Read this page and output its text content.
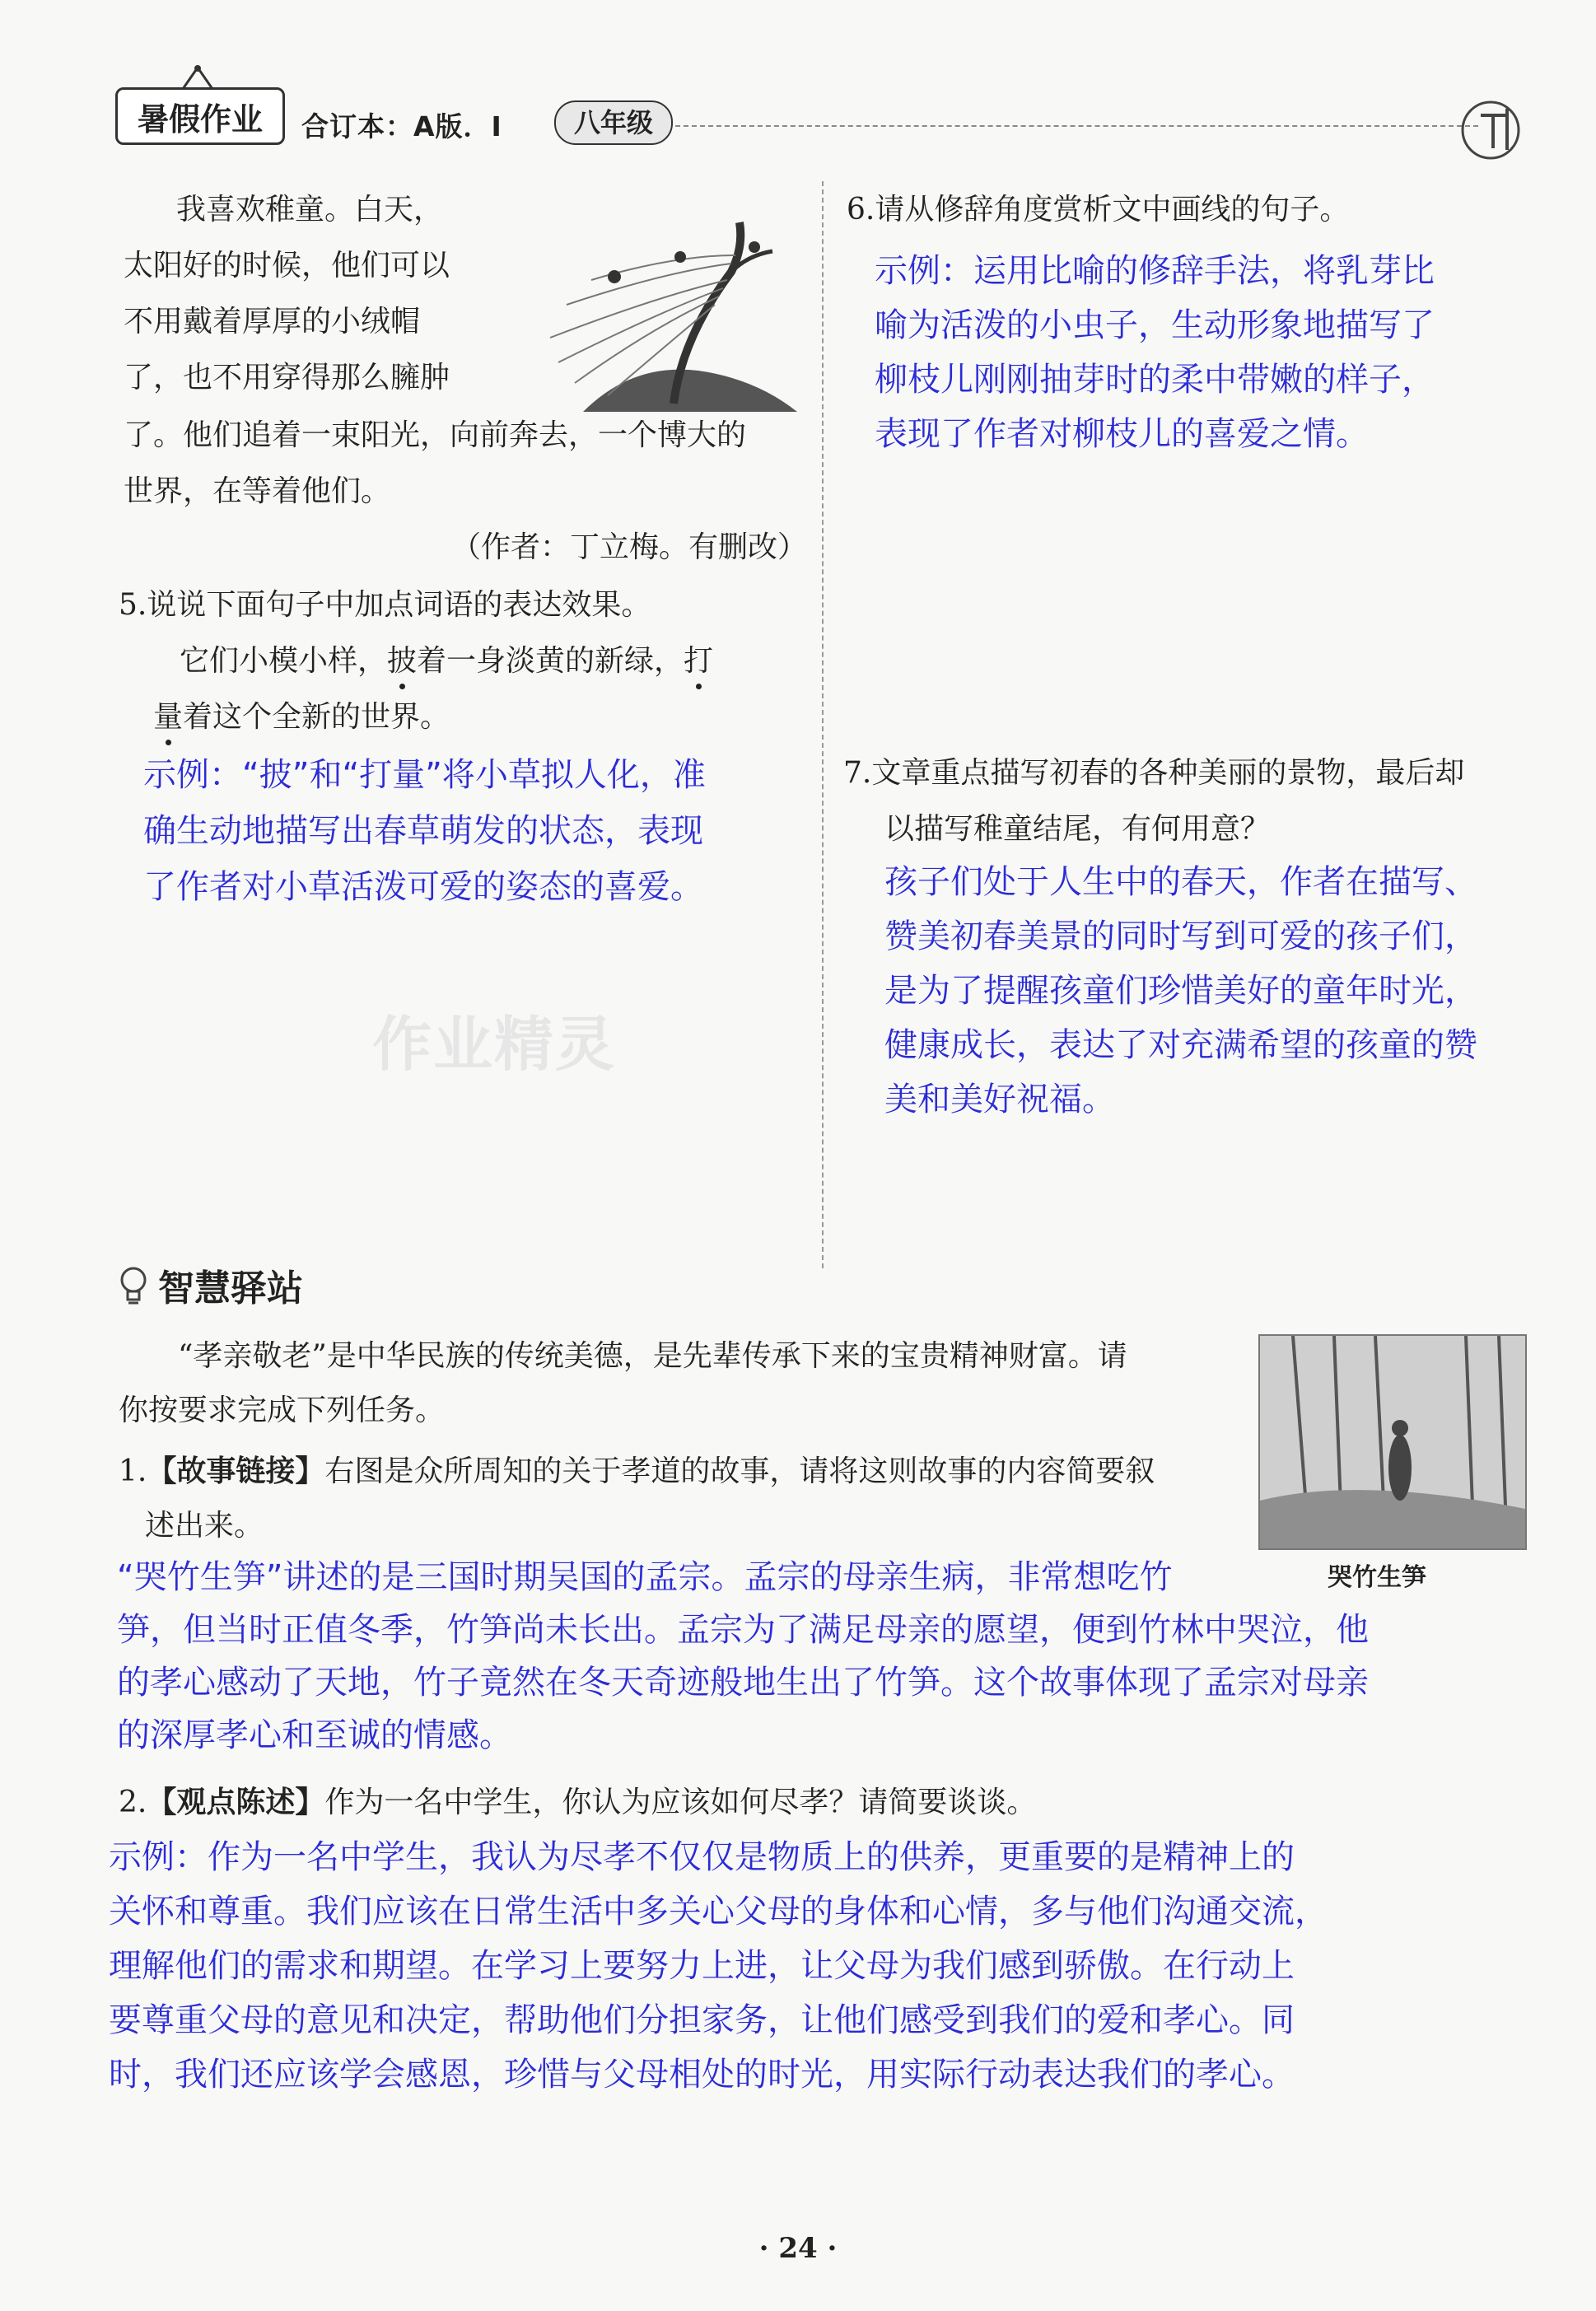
暑假作业	合订本：A版．I	八年级
我喜欢稚童。白天，
太阳好的时候，他们可以
不用戴着厚厚的小绒帽
了，也不用穿得那么臃肿
了。他们追着一束阳光，向前奔去，一个博大的
世界，在等着他们。
（作者：丁立梅。有删改）
5.说说下面句子中加点词语的表达效果。
它们小模小样，披着一身淡黄的新绿，打
量着这个全新的世界。
示例：“披”和“打量”将小草拟人化，准
确生动地描写出春草萌发的状态，表现
了作者对小草活泼可爱的姿态的喜爱。
作业精灵
6.请从修辞角度赏析文中画线的句子。
示例：运用比喻的修辞手法，将乳芽比
喻为活泼的小虫子，生动形象地描写了
柳枝儿刚刚抽芽时的柔中带嫩的样子，
表现了作者对柳枝儿的喜爱之情。
7.文章重点描写初春的各种美丽的景物，最后却
以描写稚童结尾，有何用意？
孩子们处于人生中的春天，作者在描写、
赞美初春美景的同时写到可爱的孩子们，
是为了提醒孩童们珍惜美好的童年时光，
健康成长，表达了对充满希望的孩童的赞
美和美好祝福。
智慧驿站
“孝亲敬老”是中华民族的传统美德，是先辈传承下来的宝贵精神财富。请
你按要求完成下列任务。
哭竹生笋
1.【故事链接】右图是众所周知的关于孝道的故事，请将这则故事的内容简要叙
述出来。
“哭竹生笋”讲述的是三国时期吴国的孟宗。孟宗的母亲生病，非常想吃竹
笋，但当时正值冬季，竹笋尚未长出。孟宗为了满足母亲的愿望，便到竹林中哭泣，他
的孝心感动了天地，竹子竟然在冬天奇迹般地生出了竹笋。这个故事体现了孟宗对母亲
的深厚孝心和至诚的情感。
2.【观点陈述】作为一名中学生，你认为应该如何尽孝？请简要谈谈。
示例：作为一名中学生，我认为尽孝不仅仅是物质上的供养，更重要的是精神上的
关怀和尊重。我们应该在日常生活中多关心父母的身体和心情，多与他们沟通交流，
理解他们的需求和期望。在学习上要努力上进，让父母为我们感到骄傲。在行动上
要尊重父母的意见和决定，帮助他们分担家务，让他们感受到我们的爱和孝心。同
时，我们还应该学会感恩，珍惜与父母相处的时光，用实际行动表达我们的孝心。
· 24 ·
